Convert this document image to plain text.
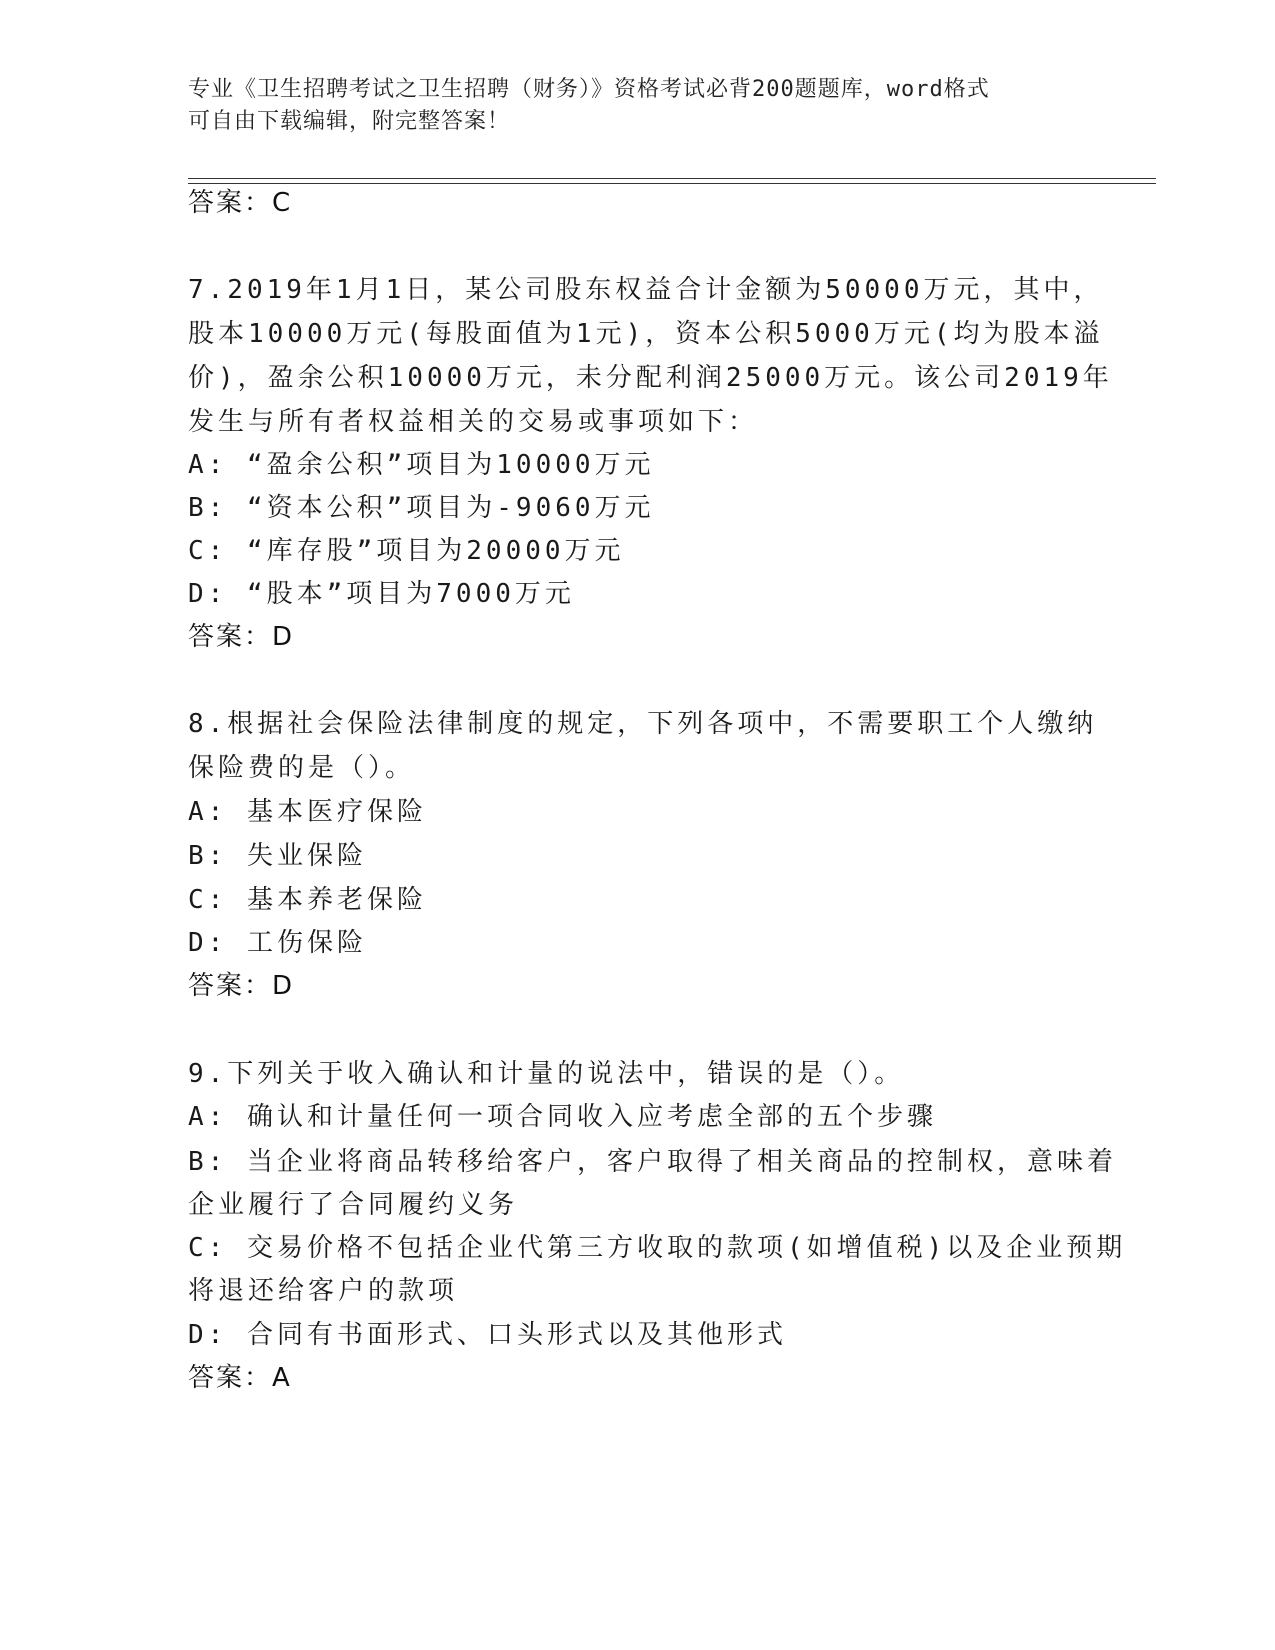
专业《卫生招聘考试之卫生招聘（财务）》资格考试必背200题题库，word格式
可自由下载编辑，附完整答案！
答案：C
7.2019年1月1日，某公司股东权益合计金额为50000万元，其中，
股本10000万元(每股面值为1元)，资本公积5000万元(均为股本溢
价)，盈余公积10000万元，未分配利润25000万元。该公司2019年
发生与所有者权益相关的交易或事项如下：
A: “盈余公积”项目为10000万元
B: “资本公积”项目为-9060万元
C: “库存股”项目为20000万元
D: “股本”项目为7000万元
答案：D
8.根据社会保险法律制度的规定，下列各项中，不需要职工个人缴纳
保险费的是（）。
A: 基本医疗保险
B: 失业保险
C: 基本养老保险
D: 工伤保险
答案：D
9.下列关于收入确认和计量的说法中，错误的是（）。
A: 确认和计量任何一项合同收入应考虑全部的五个步骤
B: 当企业将商品转移给客户，客户取得了相关商品的控制权，意味着
企业履行了合同履约义务
C: 交易价格不包括企业代第三方收取的款项(如增值税)以及企业预期
将退还给客户的款项
D: 合同有书面形式、口头形式以及其他形式
答案：A
